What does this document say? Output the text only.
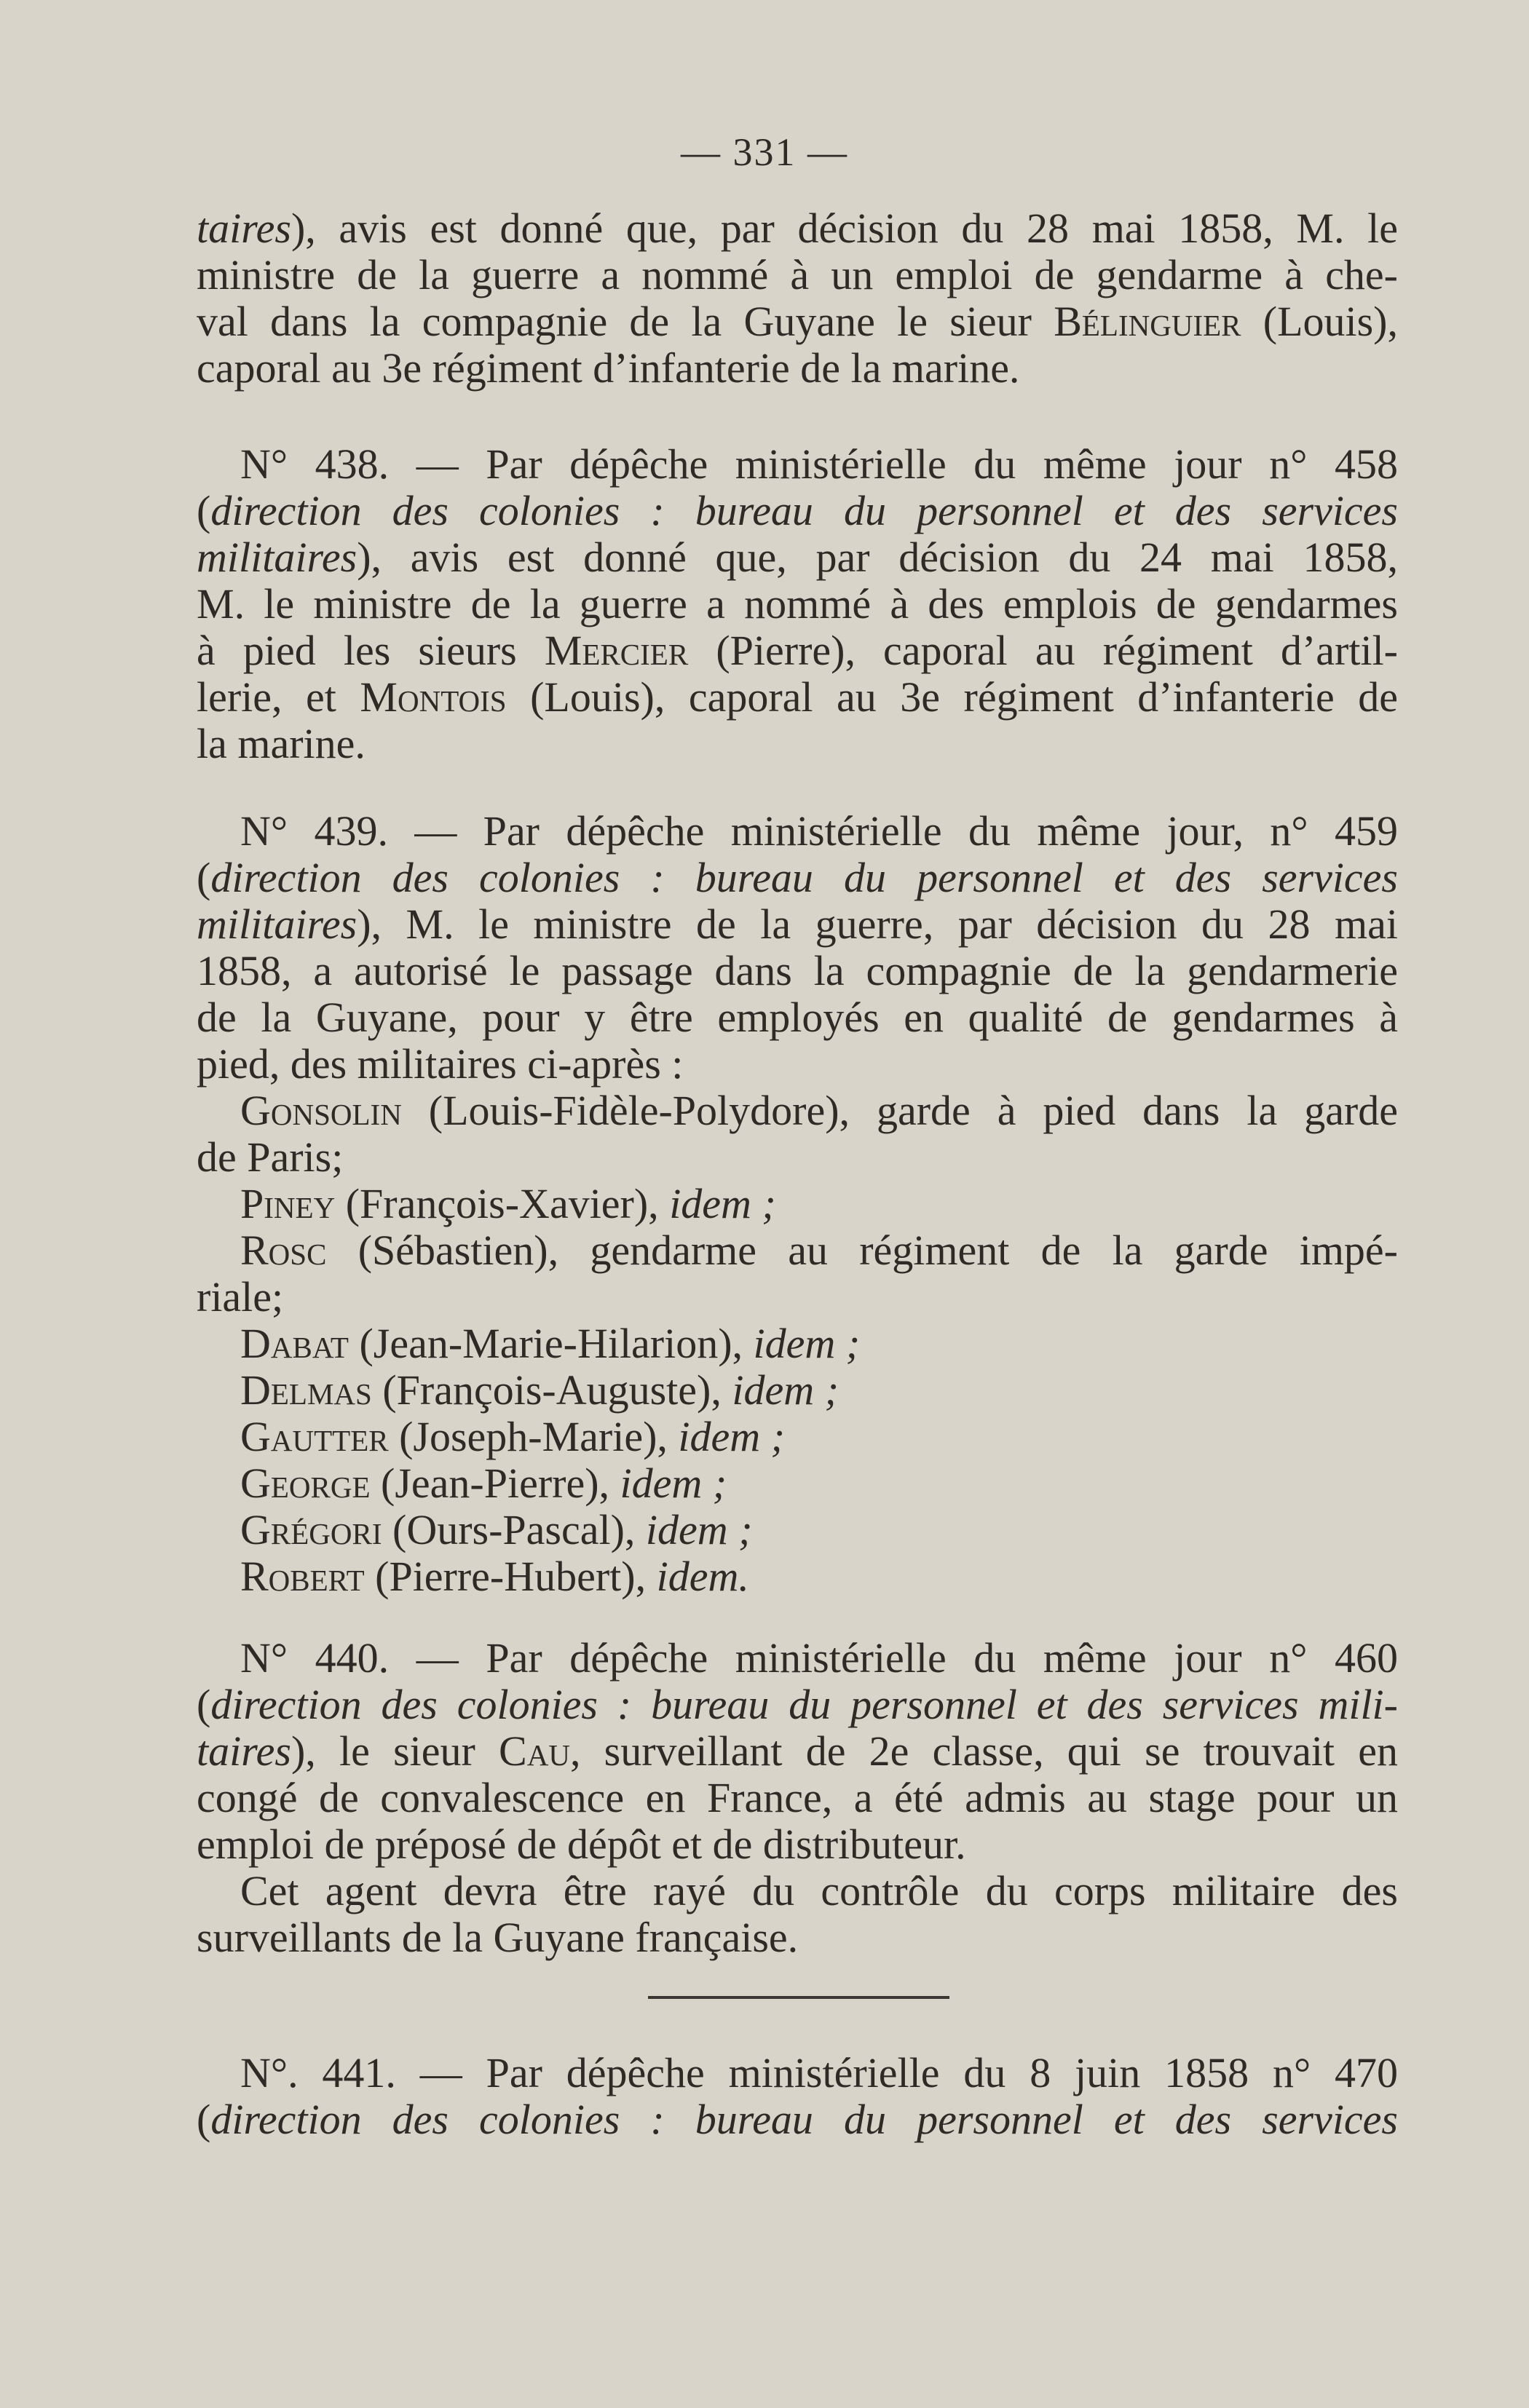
— 331 —
taires), avis est donné que, par décision du 28 mai 1858, M. le
ministre de la guerre a nommé à un emploi de gendarme à che-
val dans la compagnie de la Guyane le sieur Bélinguier (Louis),
caporal au 3e régiment d’infanterie de la marine.
N° 438. — Par dépêche ministérielle du même jour n° 458
(direction des colonies : bureau du personnel et des services
militaires), avis est donné que, par décision du 24 mai 1858,
M. le ministre de la guerre a nommé à des emplois de gendarmes
à pied les sieurs Mercier (Pierre), caporal au régiment d’artil-
lerie, et Montois (Louis), caporal au 3e régiment d’infanterie de
la marine.
N° 439. — Par dépêche ministérielle du même jour, n° 459
(direction des colonies : bureau du personnel et des services
militaires), M. le ministre de la guerre, par décision du 28 mai
1858, a autorisé le passage dans la compagnie de la gendarmerie
de la Guyane, pour y être employés en qualité de gendarmes à
pied, des militaires ci-après :
Gonsolin (Louis-Fidèle-Polydore), garde à pied dans la garde
de Paris;
Piney (François-Xavier), idem ;
Rosc (Sébastien), gendarme au régiment de la garde impé-
riale;
Dabat (Jean-Marie-Hilarion), idem ;
Delmas (François-Auguste), idem ;
Gautter (Joseph-Marie), idem ;
George (Jean-Pierre), idem ;
Grégori (Ours-Pascal), idem ;
Robert (Pierre-Hubert), idem.
N° 440. — Par dépêche ministérielle du même jour n° 460
(direction des colonies : bureau du personnel et des services mili-
taires), le sieur Cau, surveillant de 2e classe, qui se trouvait en
congé de convalescence en France, a été admis au stage pour un
emploi de préposé de dépôt et de distributeur.
Cet agent devra être rayé du contrôle du corps militaire des
surveillants de la Guyane française.
N°. 441. — Par dépêche ministérielle du 8 juin 1858 n° 470
(direction des colonies : bureau du personnel et des services
